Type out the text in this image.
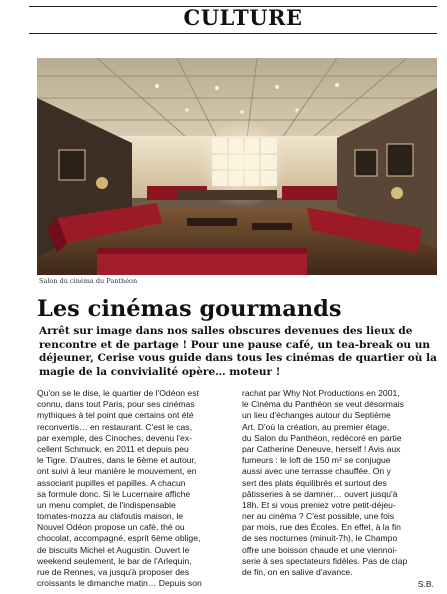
CULTURE
Salon du cinéma du Panthéon
Les cinémas gourmands
Arrêt sur image dans nos salles obscures devenues des lieux de
rencontre et de partage ! Pour une pause café, un tea-break ou un
déjeuner, Cerise vous guide dans tous les cinémas de quartier où la
magie de la convivialité opère… moteur !
Qu'on se le dise, le quartier de l'Odéon est
connu, dans tout Paris, pour ses cinémas
mythiques à tel point que certains ont été
reconvertis… en restaurant. C'est le cas,
par exemple, des Cinoches, devenu l'ex-
cellent Schmuck, en 2011 et depuis peu
le Tigre. D'autres, dans le 6ème et autour,
ont suivi à leur manière le mouvement, en
associant pupilles et papilles. A chacun
sa formule donc. Si le Lucernaire affiche
un menu complet, de l'indispensable
tomates-mozza au clafoutis maison, le
Nouvel Odéon propose un café, thé ou
chocolat, accompagné, esprit 6ème oblige,
de biscuits Michel et Augustin. Ouvert le
weekend seulement, le bar de l'Arlequin,
rue de Rennes, va jusqu'à proposer des
croissants le dimanche matin… Depuis son
rachat par Why Not Productions en 2001,
le Cinéma du Panthéon se veut désormais
un lieu d'échanges autour du Septième
Art. D'où la création, au premier étage,
du Salon du Panthéon, redécoré en partie
par Catherine Deneuve, herself ! Avis aux
fumeurs : le loft de 150 m² se conjugue
aussi avec une terrasse chauffée. On y
sert des plats équilibrés et surtout des
pâtisseries à se damner… ouvert jusqu'à
18h. Et si vous preniez votre petit-déjeu-
ner au cinéma ? C'est possible, une fois
par mois, rue des Écoles. En effet, à la fin
de ses nocturnes (minuit-7h), le Champo
offre une boisson chaude et une viennoi-
serie à ses spectateurs fidèles. Pas de clap
de fin, on en salive d'avance.
S.B.
